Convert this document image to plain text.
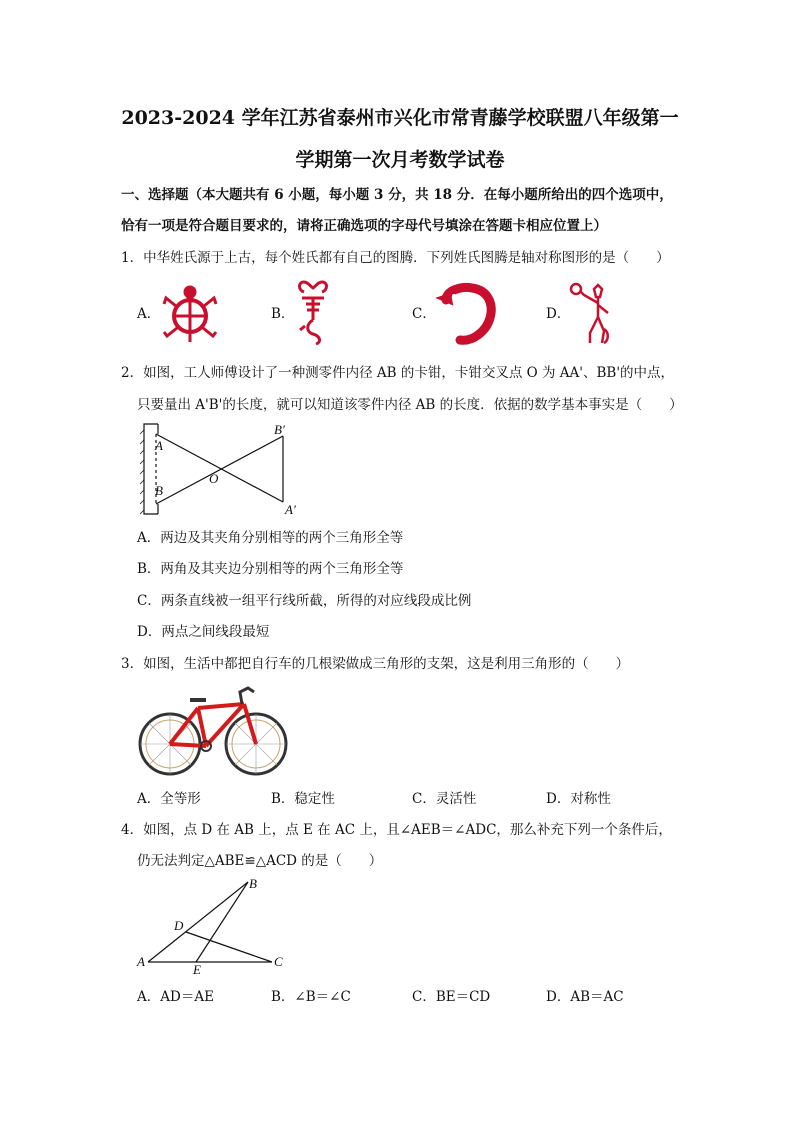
2023-2024 学年江苏省泰州市兴化市常青藤学校联盟八年级第一
学期第一次月考数学试卷
一、选择题（本大题共有 6 小题，每小题 3 分，共 18 分．在每小题所给出的四个选项中，
恰有一项是符合题目要求的，请将正确选项的字母代号填涂在答题卡相应位置上）
1．中华姓氏源于上古，每个姓氏都有自己的图腾．下列姓氏图腾是轴对称图形的是（　　）
A．	B．	C．	D．
2．如图，工人师傅设计了一种测零件内径 AB 的卡钳，卡钳交叉点 O 为 AA'、BB'的中点，
只要量出 A'B'的长度，就可以知道该零件内径 AB 的长度．依据的数学基本事实是（　　）
A
B
O
B′
A′
A．两边及其夹角分别相等的两个三角形全等
B．两角及其夹边分别相等的两个三角形全等
C．两条直线被一组平行线所截，所得的对应线段成比例
D．两点之间线段最短
3．如图，生活中都把自行车的几根梁做成三角形的支架，这是利用三角形的（　　）
A．全等形	B．稳定性	C．灵活性	D．对称性
4．如图，点 D 在 AB 上，点 E 在 AC 上，且∠AEB＝∠ADC，那么补充下列一个条件后，
仍无法判定△ABE≌△ACD 的是（　　）
A
B
C
D
E
A．AD＝AE	B．∠B＝∠C	C．BE＝CD	D．AB＝AC
